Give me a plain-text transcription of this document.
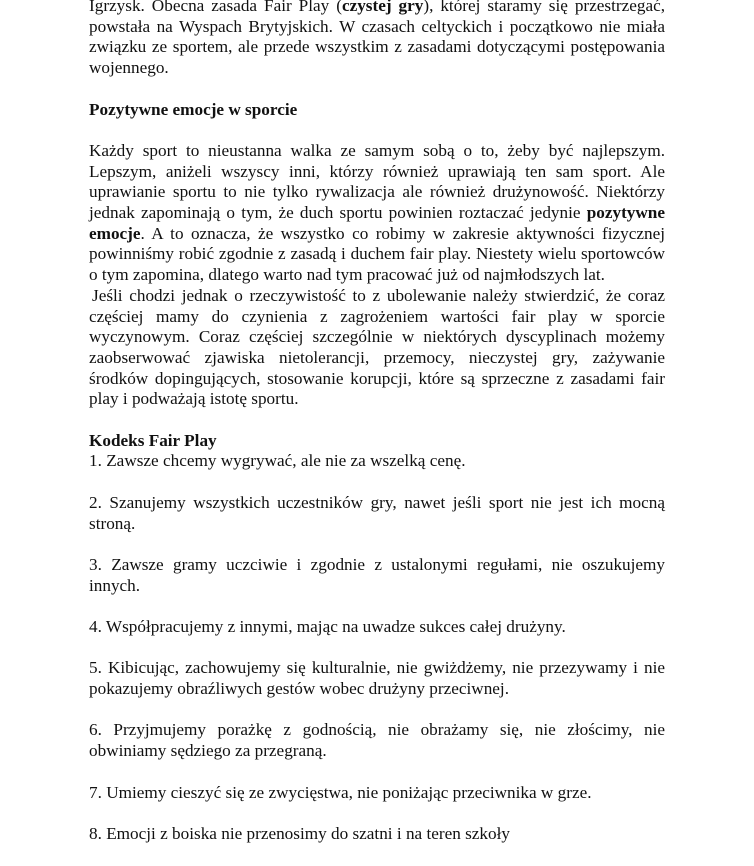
Igrzysk. Obecna zasada Fair Play (czystej gry), której staramy się przestrzegać, powstała na Wyspach Brytyjskich. W czasach celtyckich i początkowo nie miała związku ze sportem, ale przede wszystkim z zasadami dotyczącymi postępowania wojennego.

Pozytywne emocje w sporcie

Każdy sport to nieustanna walka ze samym sobą o to, żeby być najlepszym. Lepszym, aniżeli wszyscy inni, którzy również uprawiają ten sam sport. Ale uprawianie sportu to nie tylko rywalizacja ale również drużynowość. Niektórzy jednak zapominają o tym, że duch sportu powinien roztaczać jedynie pozytywne emocje. A to oznacza, że wszystko co robimy w zakresie aktywności fizycznej powinniśmy robić zgodnie z zasadą i duchem fair play. Niestety wielu sportowców o tym zapomina, dlatego warto nad tym pracować już od najmłodszych lat.

Jeśli chodzi jednak o rzeczywistość to z ubolewanie należy stwierdzić, że coraz częściej mamy do czynienia z zagrożeniem wartości fair play w sporcie wyczynowym. Coraz częściej szczególnie w niektórych dyscyplinach możemy zaobserwować zjawiska nietolerancji, przemocy, nieczystej gry, zażywanie środków dopingujących, stosowanie korupcji, które są sprzeczne z zasadami fair play i podważają istotę sportu.

Kodeks Fair Play

1. Zawsze chcemy wygrywać, ale nie za wszelką cenę.

2. Szanujemy wszystkich uczestników gry, nawet jeśli sport nie jest ich mocną stroną.

3. Zawsze gramy uczciwie i zgodnie z ustalonymi regułami, nie oszukujemy innych.

4. Współpracujemy z innymi, mając na uwadze sukces całej drużyny.

5. Kibicując, zachowujemy się kulturalnie, nie gwiżdżemy, nie przezywamy i nie pokazujemy obraźliwych gestów wobec drużyny przeciwnej.

6. Przyjmujemy porażkę z godnością, nie obrażamy się, nie złościmy, nie obwiniamy sędziego za przegraną.

7. Umiemy cieszyć się ze zwycięstwa, nie poniżając przeciwnika w grze.

8. Emocji z boiska nie przenosimy do szatni i na teren szkoły
